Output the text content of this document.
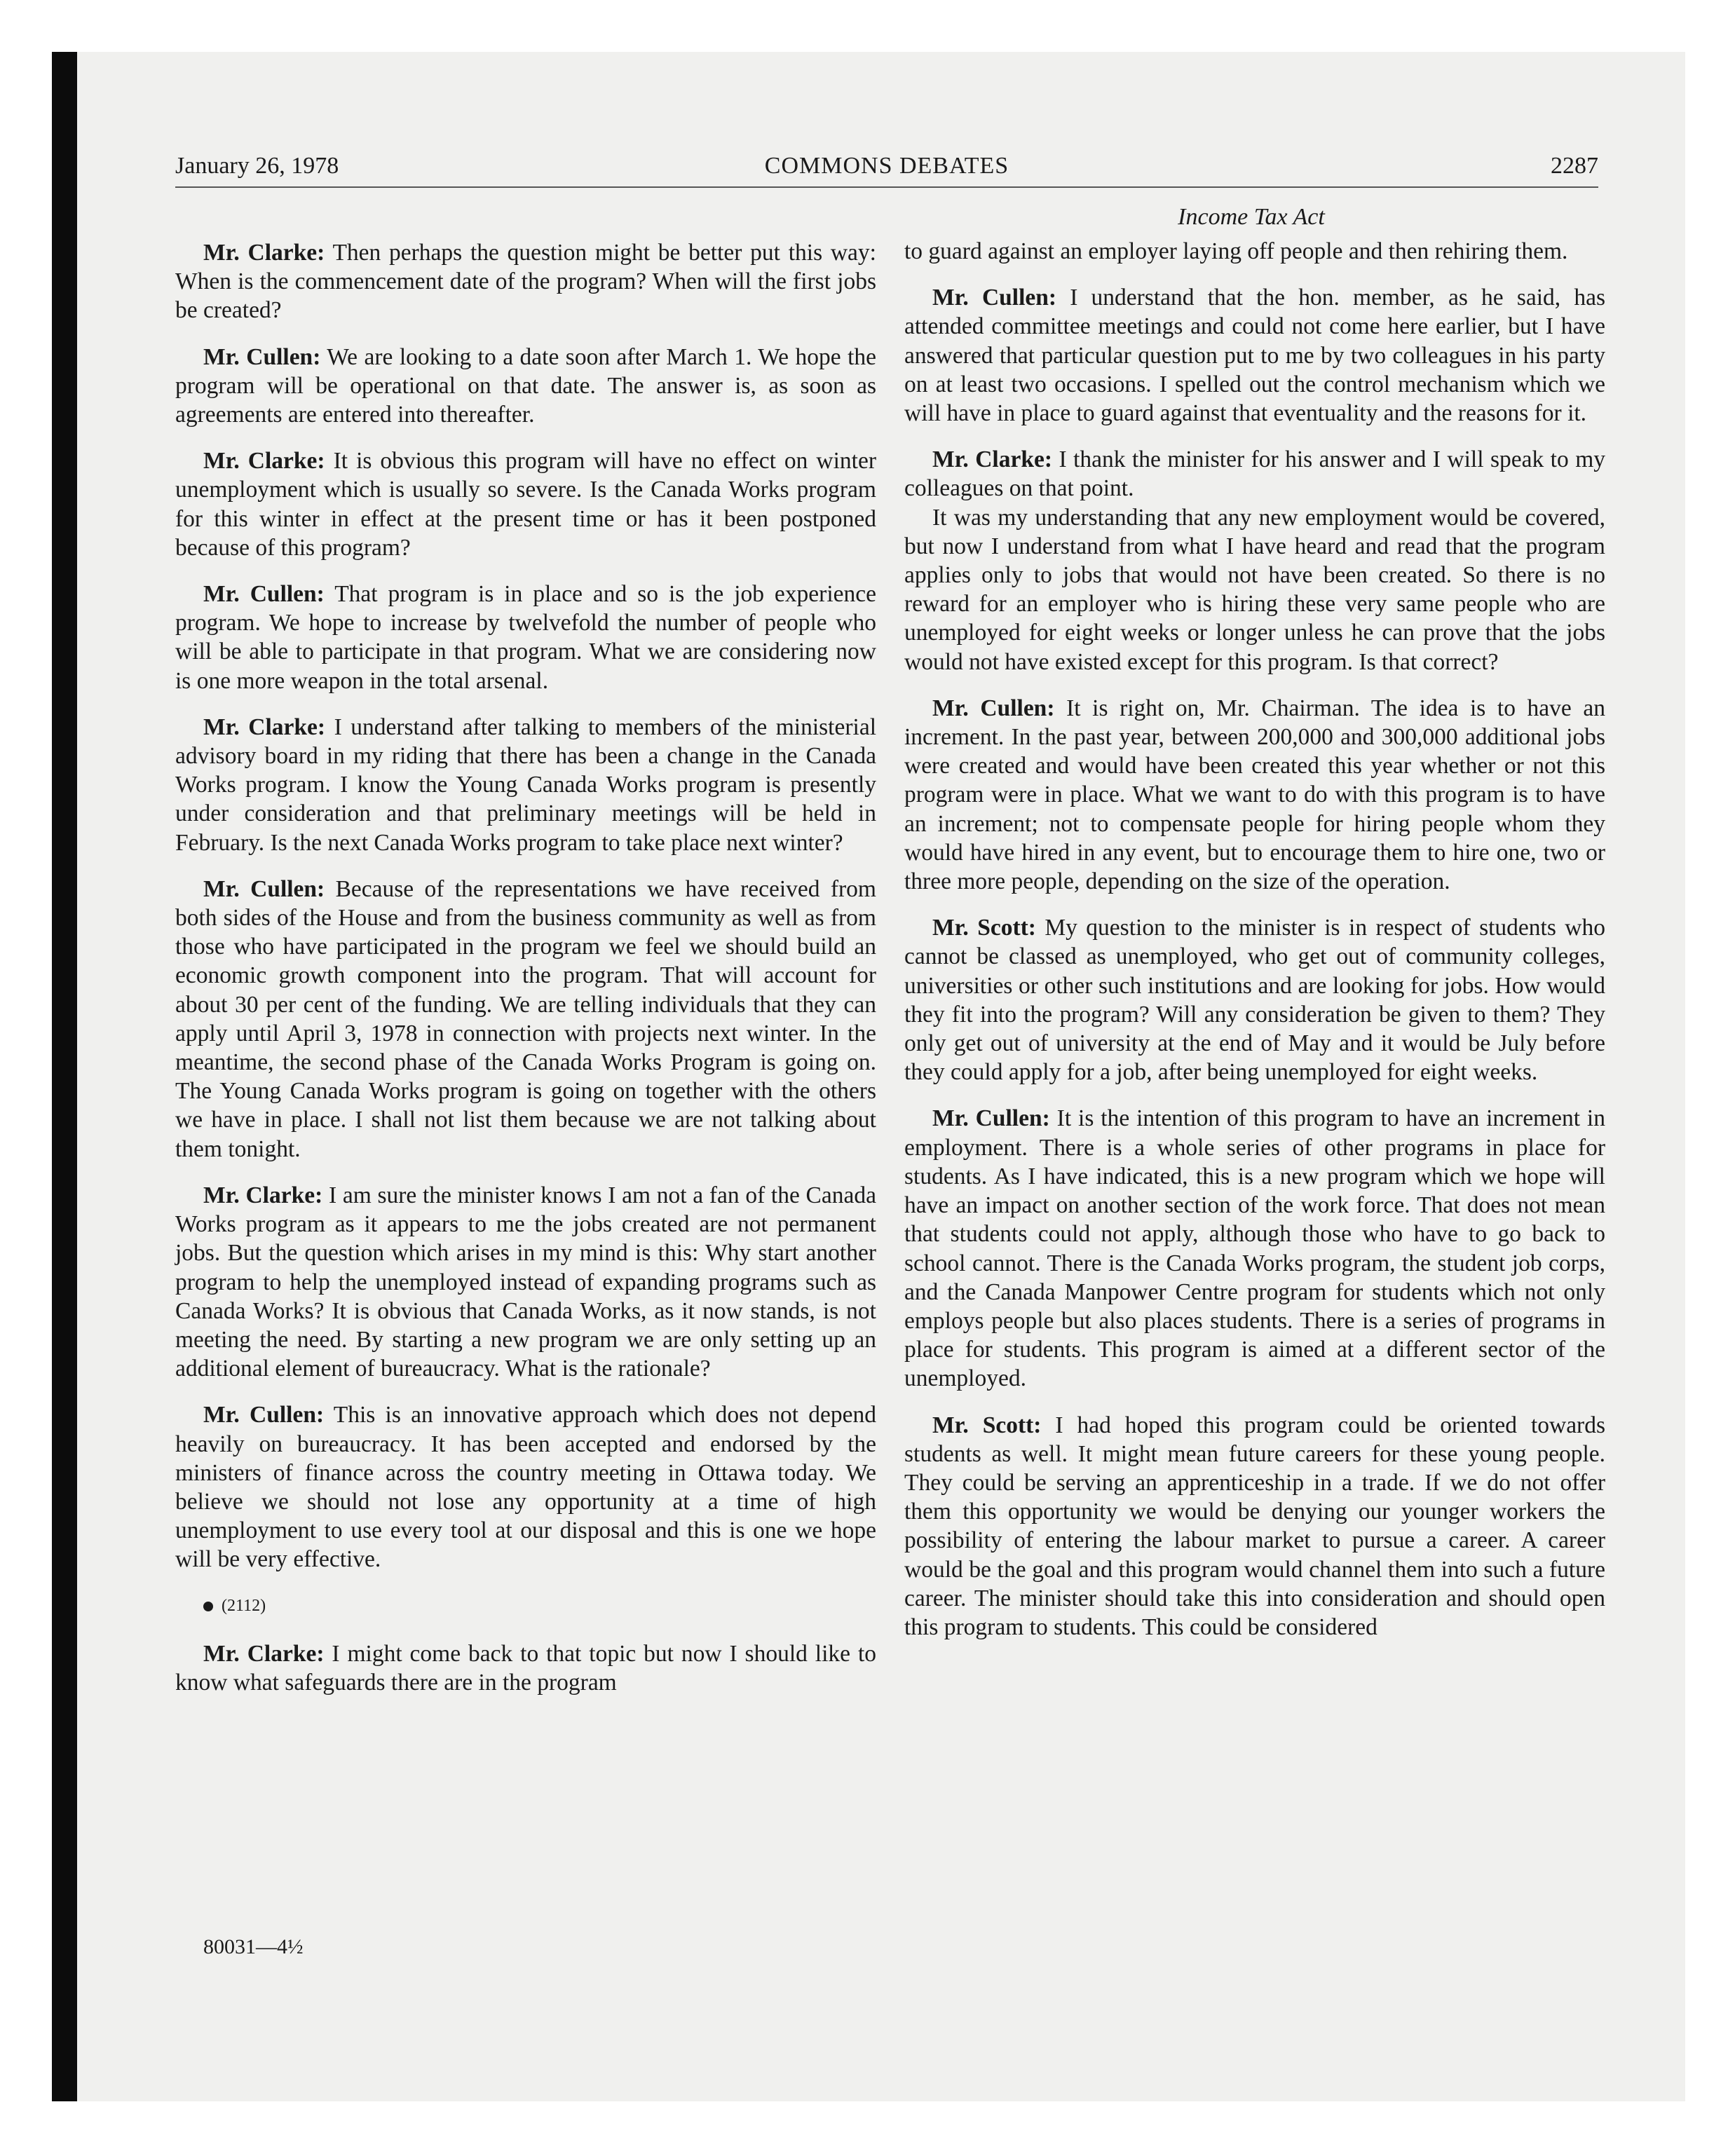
January 26, 1978	COMMONS DEBATES	2287
Income Tax Act

Mr. Clarke: Then perhaps the question might be better put this way: When is the commencement date of the program? When will the first jobs be created?

Mr. Cullen: We are looking to a date soon after March 1. We hope the program will be operational on that date. The answer is, as soon as agreements are entered into thereafter.

Mr. Clarke: It is obvious this program will have no effect on winter unemployment which is usually so severe. Is the Canada Works program for this winter in effect at the present time or has it been postponed because of this program?

Mr. Cullen: That program is in place and so is the job experience program. We hope to increase by twelvefold the number of people who will be able to participate in that program. What we are considering now is one more weapon in the total arsenal.

Mr. Clarke: I understand after talking to members of the ministerial advisory board in my riding that there has been a change in the Canada Works program. I know the Young Canada Works program is presently under consideration and that preliminary meetings will be held in February. Is the next Canada Works program to take place next winter?

Mr. Cullen: Because of the representations we have received from both sides of the House and from the business community as well as from those who have participated in the program we feel we should build an economic growth component into the program. That will account for about 30 per cent of the funding. We are telling individuals that they can apply until April 3, 1978 in connection with projects next winter. In the meantime, the second phase of the Canada Works Program is going on. The Young Canada Works program is going on together with the others we have in place. I shall not list them because we are not talking about them tonight.

Mr. Clarke: I am sure the minister knows I am not a fan of the Canada Works program as it appears to me the jobs created are not permanent jobs. But the question which arises in my mind is this: Why start another program to help the unemployed instead of expanding programs such as Canada Works? It is obvious that Canada Works, as it now stands, is not meeting the need. By starting a new program we are only setting up an additional element of bureaucracy. What is the rationale?

Mr. Cullen: This is an innovative approach which does not depend heavily on bureaucracy. It has been accepted and endorsed by the ministers of finance across the country meeting in Ottawa today. We believe we should not lose any opportunity at a time of high unemployment to use every tool at our disposal and this is one we hope will be very effective.

(2112)

Mr. Clarke: I might come back to that topic but now I should like to know what safeguards there are in the program

to guard against an employer laying off people and then rehiring them.

Mr. Cullen: I understand that the hon. member, as he said, has attended committee meetings and could not come here earlier, but I have answered that particular question put to me by two colleagues in his party on at least two occasions. I spelled out the control mechanism which we will have in place to guard against that eventuality and the reasons for it.

Mr. Clarke: I thank the minister for his answer and I will speak to my colleagues on that point.

It was my understanding that any new employment would be covered, but now I understand from what I have heard and read that the program applies only to jobs that would not have been created. So there is no reward for an employer who is hiring these very same people who are unemployed for eight weeks or longer unless he can prove that the jobs would not have existed except for this program. Is that correct?

Mr. Cullen: It is right on, Mr. Chairman. The idea is to have an increment. In the past year, between 200,000 and 300,000 additional jobs were created and would have been created this year whether or not this program were in place. What we want to do with this program is to have an increment; not to compensate people for hiring people whom they would have hired in any event, but to encourage them to hire one, two or three more people, depending on the size of the operation.

Mr. Scott: My question to the minister is in respect of students who cannot be classed as unemployed, who get out of community colleges, universities or other such institutions and are looking for jobs. How would they fit into the program? Will any consideration be given to them? They only get out of university at the end of May and it would be July before they could apply for a job, after being unemployed for eight weeks.

Mr. Cullen: It is the intention of this program to have an increment in employment. There is a whole series of other programs in place for students. As I have indicated, this is a new program which we hope will have an impact on another section of the work force. That does not mean that students could not apply, although those who have to go back to school cannot. There is the Canada Works program, the student job corps, and the Canada Manpower Centre program for students which not only employs people but also places students. There is a series of programs in place for students. This program is aimed at a different sector of the unemployed.

Mr. Scott: I had hoped this program could be oriented towards students as well. It might mean future careers for these young people. They could be serving an apprenticeship in a trade. If we do not offer them this opportunity we would be denying our younger workers the possibility of entering the labour market to pursue a career. A career would be the goal and this program would channel them into such a future career. The minister should take this into consideration and should open this program to students. This could be considered

80031—4½
